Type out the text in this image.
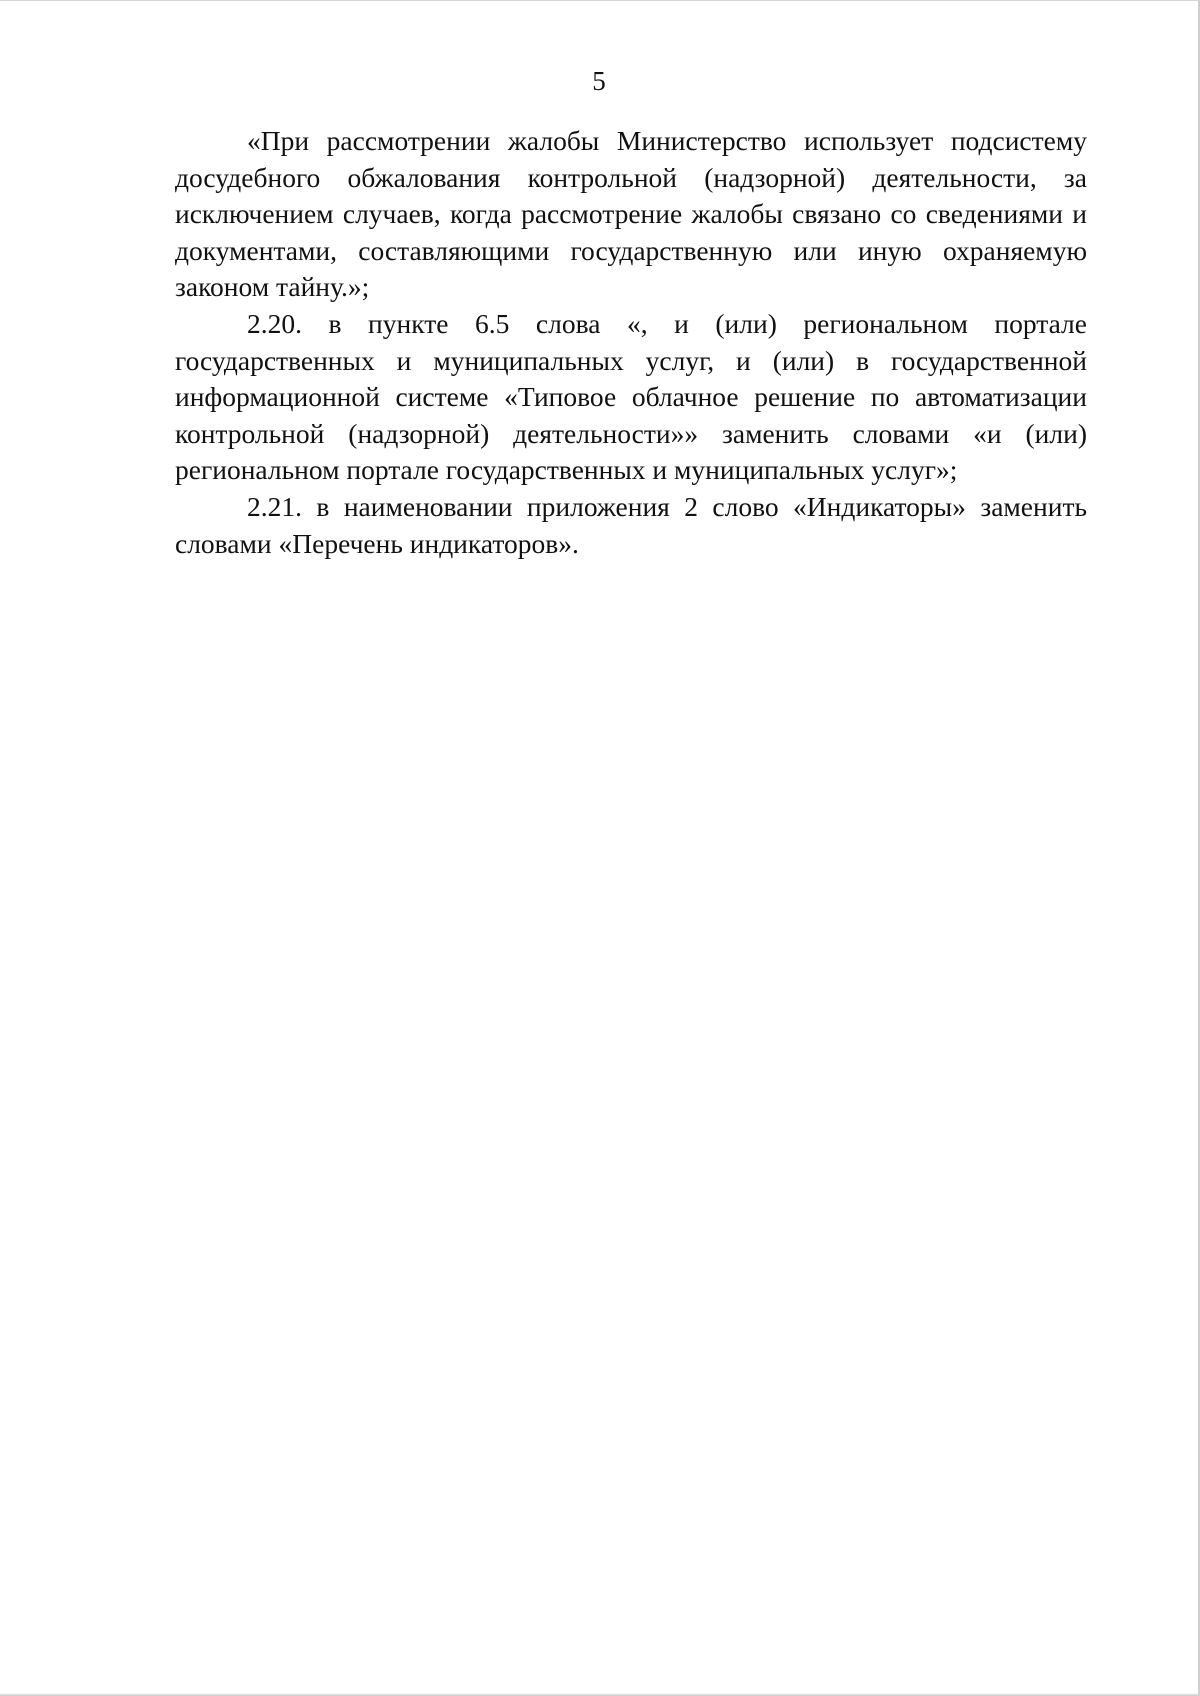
5

«При рассмотрении жалобы Министерство использует подсистему досудебного обжалования контрольной (надзорной) деятельности, за исключением случаев, когда рассмотрение жалобы связано со сведениями и документами, составляющими государственную или иную охраняемую законом тайну.»;

2.20. в пункте 6.5 слова «, и (или) региональном портале государственных и муниципальных услуг, и (или) в государственной информационной системе «Типовое облачное решение по автоматизации контрольной (надзорной) деятельности»» заменить словами «и (или) региональном портале государственных и муниципальных услуг»;

2.21. в наименовании приложения 2 слово «Индикаторы» заменить словами «Перечень индикаторов».
